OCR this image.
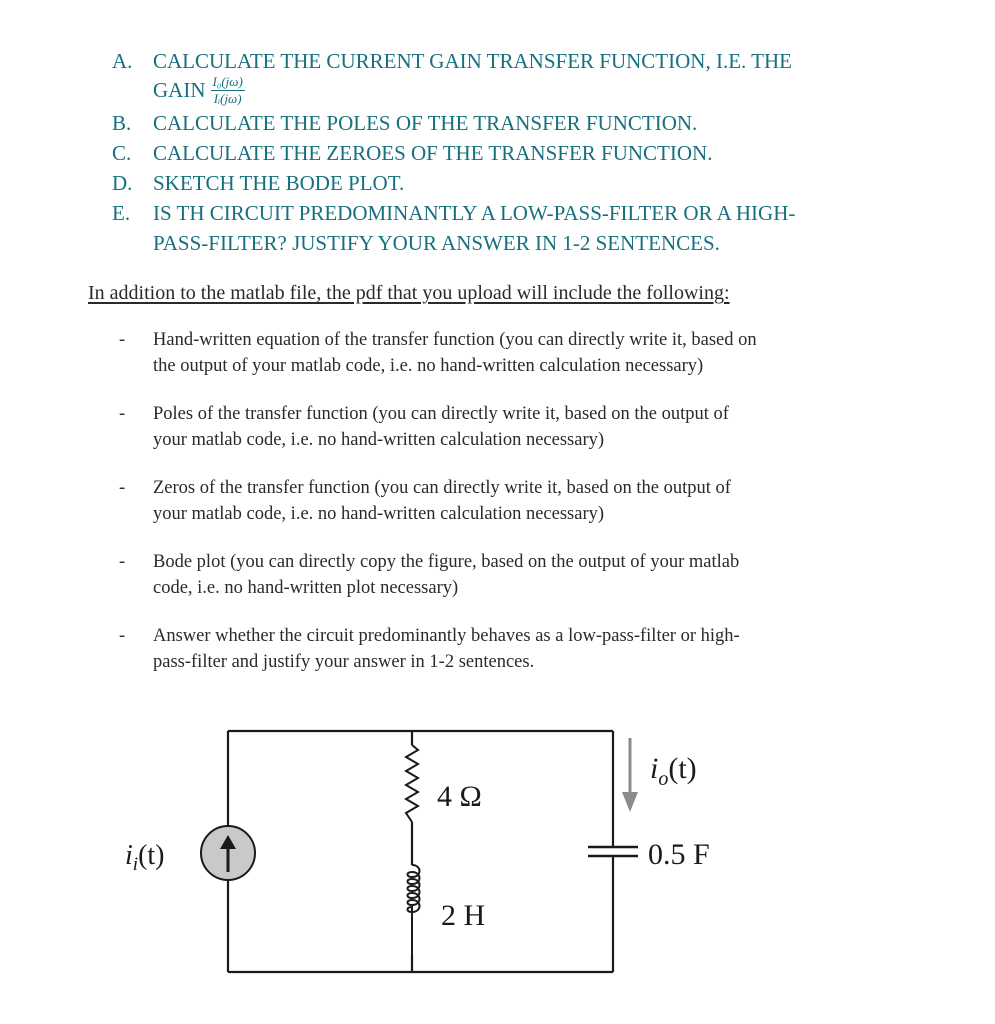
A. CALCULATE THE CURRENT GAIN TRANSFER FUNCTION, I.E. THE
GAIN $\frac{\text{I₀(jω)}}{\text{Iᵢ(jω)}}$
B.	CALCULATE THE POLES OF THE TRANSFER FUNCTION.
C.	CALCULATE THE ZEROES OF THE TRANSFER FUNCTION.
D. SKETCH THE BODE PLOT.
E.	IS TH CIRCUIT PREDOMINANTLY A LOW-PASS-FILTER OR A HIGH-
PASS-FILTER? JUSTIFY YOUR ANSWER IN 1-2 SENTENCES.

In addition to the matlab file, the pdf that you upload will include the following:

-	Hand-written equation of the transfer function (you can directly write it, based on
the output of your matlab code, i.e. no hand-written calculation necessary)
-	Poles of the transfer function (you can directly write it, based on the output of
your matlab code, i.e. no hand-written calculation necessary)
-	Zeros of the transfer function (you can directly write it, based on the output of
your matlab code, i.e. no hand-written calculation necessary)
-	Bode plot (you can directly copy the figure, based on the output of your matlab
code, i.e. no hand-written plot necessary)
-	Answer whether the circuit predominantly behaves as a low-pass-filter or high-
pass-filter and justify your answer in 1-2 sentences.
$i_i(t)$
4 Ω
2 H
$i_o(t)$
0.5 F
